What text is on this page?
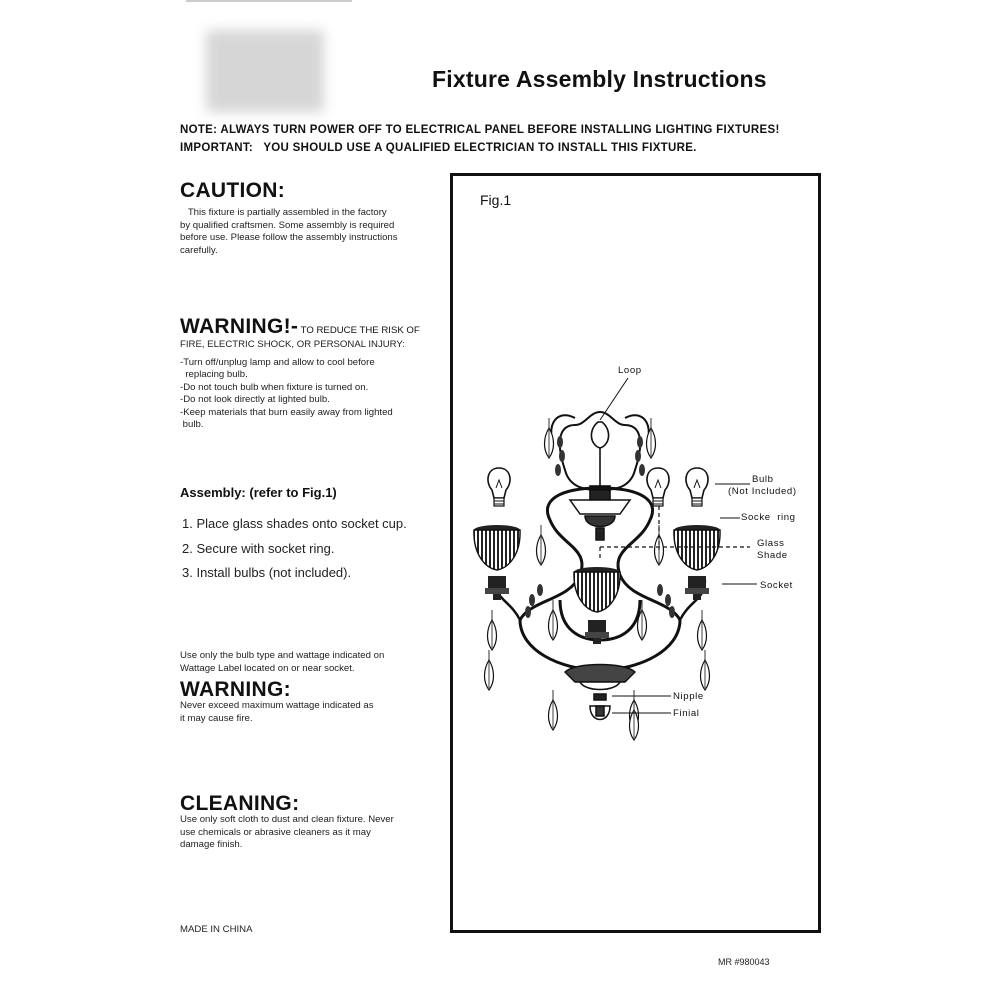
Fixture Assembly Instructions
NOTE: ALWAYS TURN POWER OFF TO ELECTRICAL PANEL BEFORE INSTALLING LIGHTING FIXTURES!
IMPORTANT:   YOU SHOULD USE A QUALIFIED ELECTRICIAN TO INSTALL THIS FIXTURE.
CAUTION:
This fixture is partially assembled in the factory
by qualified craftsmen. Some assembly is required
before use. Please follow the assembly instructions
carefully.
WARNING!- TO REDUCE THE RISK OF
FIRE, ELECTRIC SHOCK, OR PERSONAL INJURY:
-Turn off/unplug lamp and allow to cool before
replacing bulb.
-Do not touch bulb when fixture is turned on.
-Do not look directly at lighted bulb.
-Keep materials that burn easily away from lighted
bulb.
Assembly: (refer to Fig.1)
1. Place glass shades onto socket cup.
2. Secure with socket ring.
3. Install bulbs (not included).
Use only the bulb type and wattage indicated on
Wattage Label located on or near socket.
WARNING:
Never exceed maximum wattage indicated as
it may cause fire.
CLEANING:
Use only soft cloth to dust and clean fixture. Never
use chemicals or abrasive cleaners as it may
damage finish.
MADE IN CHINA
MR #980043
Fig.1
Loop
Bulb
(Not Included)
Socke  ring
Glass
Shade
Socket
Nipple
Finial
